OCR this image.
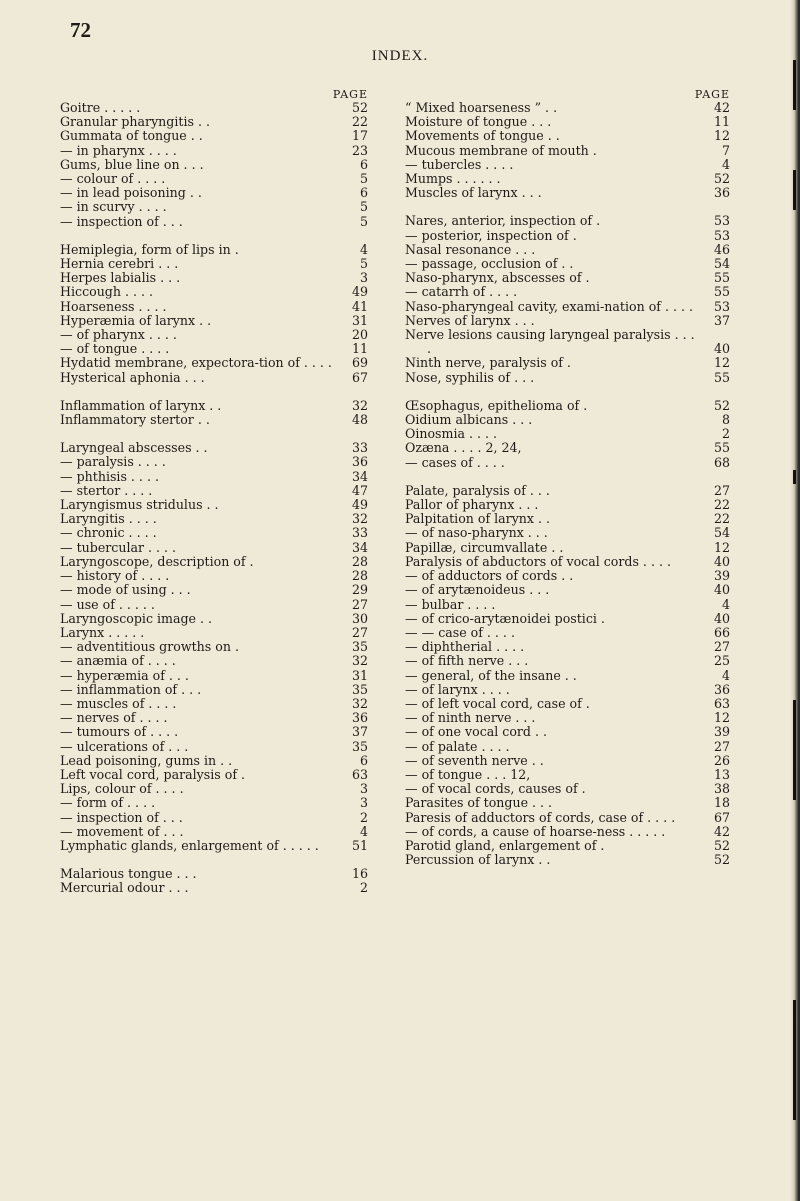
72
INDEX.
PAGE
Goitre . . . . .	52
Granular pharyngitis . .	22
Gummata of tongue . .	17
— in pharynx . . . .	23
Gums, blue line on . . .	6
— colour of . . . .	5
— in lead poisoning . .	6
— in scurvy . . . .	5
— inspection of . . .	5
Hemiplegia, form of lips in .	4
Hernia cerebri . . .	5
Herpes labialis . . .	3
Hiccough . . . .	49
Hoarseness . . . .	41
Hyperæmia of larynx . .	31
— of pharynx . . . .	20
— of tongue . . . .	11
Hydatid membrane, expectora-tion of . . . . 69
Hysterical aphonia . . .	67
Inflammation of larynx . .	32
Inflammatory stertor . .	48
Laryngeal abscesses . .	33
— paralysis . . . .	36
— phthisis . . . .	34
— stertor . . . .	47
Laryngismus stridulus . .	49
Laryngitis . . . .	32
— chronic . . . .	33
— tubercular . . . .	34
Laryngoscope, description of .	28
— history of . . . .	28
— mode of using . . .	29
— use of . . . . .	27
Laryngoscopic image . .	30
Larynx . . . . .	27
— adventitious growths on .	35
— anæmia of . . . .	32
— hyperæmia of . . .	31
— inflammation of . . .	35
— muscles of . . . .	32
— nerves of . . . .	36
— tumours of . . . .	37
— ulcerations of . . .	35
Lead poisoning, gums in . .	6
Left vocal cord, paralysis of .	63
Lips, colour of . . . .	3
— form of . . . .	3
— inspection of . . .	2
— movement of . . .	4
Lymphatic glands, enlargement of . . . . .	51
Malarious tongue . . .	16
Mercurial odour . . .	2
PAGE
“ Mixed hoarseness ” . .	42
Moisture of tongue . . .	11
Movements of tongue . .	12
Mucous membrane of mouth .	7
— tubercles . . . .	4
Mumps . . . . . .	52
Muscles of larynx . . .	36
Nares, anterior, inspection of .	53
— posterior, inspection of .	53
Nasal resonance . . .	46
— passage, occlusion of . .	54
Naso-pharynx, abscesses of .	55
— catarrh of . . . .	55
Naso-pharyngeal cavity, exami-nation of . . . . 53
Nerves of larynx . . .	37
Nerve lesions causing laryngeal paralysis . . . .	40
Ninth nerve, paralysis of .	12
Nose, syphilis of . . .	55
Œsophagus, epithelioma of .	52
Oidium albicans . . .	8
Oinosmia . . . .	2
Ozæna . . . . 2, 24,	55
— cases of . . . .	68
Palate, paralysis of . . .	27
Pallor of pharynx . . .	22
Palpitation of larynx . .	22
— of naso-pharynx . . .	54
Papillæ, circumvallate . .	12
Paralysis of abductors of vocal cords . . . .	40
— of adductors of cords . .	39
— of arytænoideus . . .	40
— bulbar . . . .	4
— of crico-arytænoidei postici .	40
— — case of . . . .	66
— diphtherial . . . .	27
— of fifth nerve . . .	25
— general, of the insane . .	4
— of larynx . . . .	36
— of left vocal cord, case of .	63
— of ninth nerve . . .	12
— of one vocal cord . .	39
— of palate . . . .	27
— of seventh nerve . .	26
— of tongue . . . 12,	13
— of vocal cords, causes of .	38
Parasites of tongue . . .	18
Paresis of adductors of cords, case of . . . .	67
— of cords, a cause of hoarse-ness . . . . .	42
Parotid gland, enlargement of .	52
Percussion of larynx . .	52
